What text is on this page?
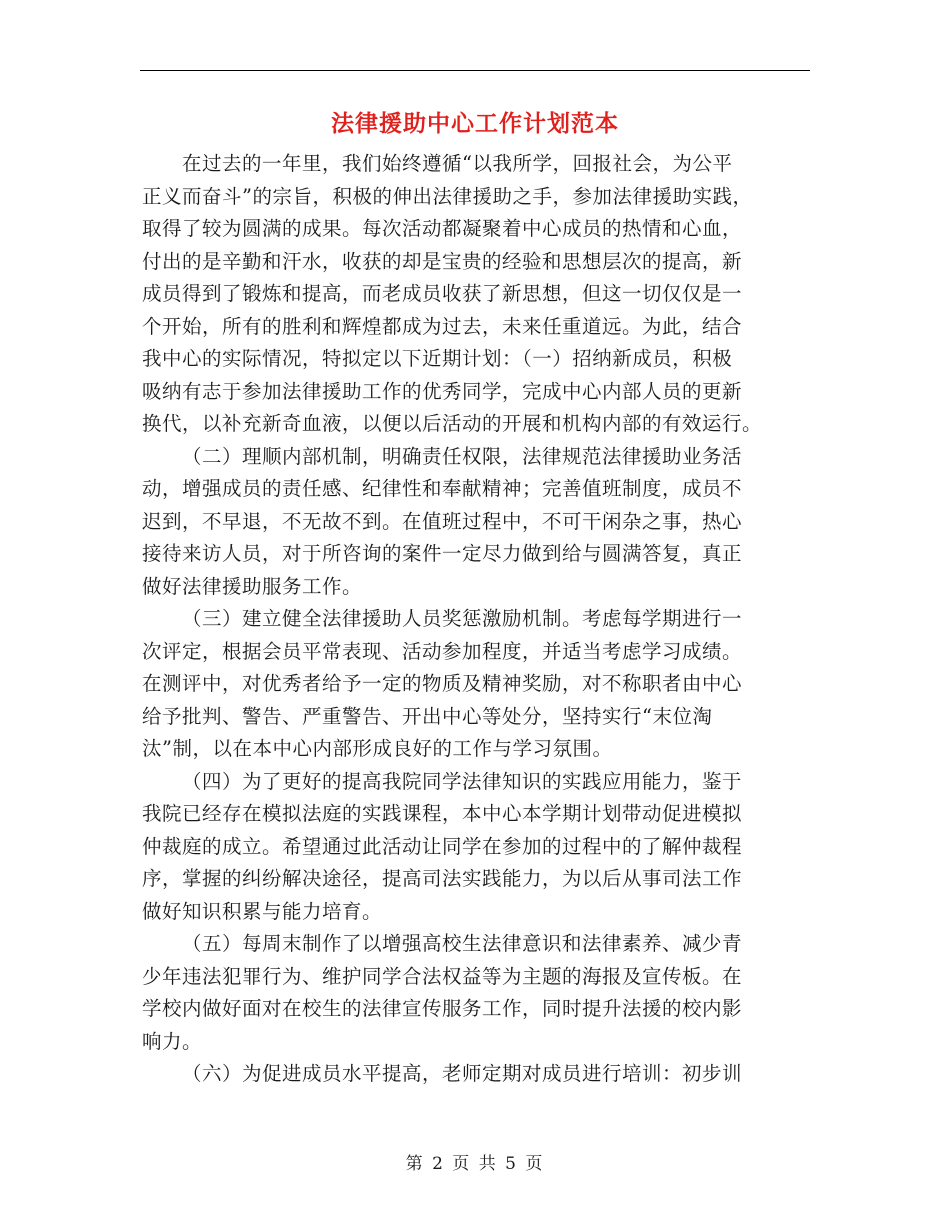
法律援助中心工作计划范本
在过去的一年里，我们始终遵循“以我所学，回报社会，为公平
正义而奋斗”的宗旨，积极的伸出法律援助之手，参加法律援助实践，
取得了较为圆满的成果。每次活动都凝聚着中心成员的热情和心血，
付出的是辛勤和汗水，收获的却是宝贵的经验和思想层次的提高，新
成员得到了锻炼和提高，而老成员收获了新思想，但这一切仅仅是一
个开始，所有的胜利和辉煌都成为过去，未来任重道远。为此，结合
我中心的实际情况，特拟定以下近期计划：（一）招纳新成员，积极
吸纳有志于参加法律援助工作的优秀同学，完成中心内部人员的更新
换代，以补充新奇血液，以便以后活动的开展和机构内部的有效运行。
（二）理顺内部机制，明确责任权限，法律规范法律援助业务活
动，增强成员的责任感、纪律性和奉献精神；完善值班制度，成员不
迟到，不早退，不无故不到。在值班过程中，不可干闲杂之事，热心
接待来访人员，对于所咨询的案件一定尽力做到给与圆满答复，真正
做好法律援助服务工作。
（三）建立健全法律援助人员奖惩激励机制。考虑每学期进行一
次评定，根据会员平常表现、活动参加程度，并适当考虑学习成绩。
在测评中，对优秀者给予一定的物质及精神奖励，对不称职者由中心
给予批判、警告、严重警告、开出中心等处分，坚持实行“末位淘
汰”制，以在本中心内部形成良好的工作与学习氛围。
（四）为了更好的提高我院同学法律知识的实践应用能力，鉴于
我院已经存在模拟法庭的实践课程，本中心本学期计划带动促进模拟
仲裁庭的成立。希望通过此活动让同学在参加的过程中的了解仲裁程
序，掌握的纠纷解决途径，提高司法实践能力，为以后从事司法工作
做好知识积累与能力培育。
（五）每周末制作了以增强高校生法律意识和法律素养、减少青
少年违法犯罪行为、维护同学合法权益等为主题的海报及宣传板。在
学校内做好面对在校生的法律宣传服务工作，同时提升法援的校内影
响力。
（六）为促进成员水平提高，老师定期对成员进行培训：初步训
第 2 页 共 5 页
